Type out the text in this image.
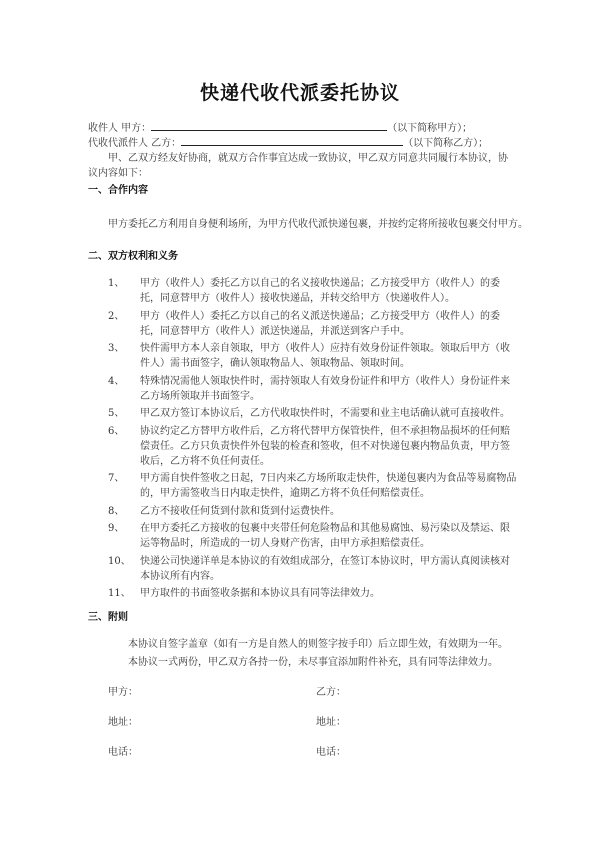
快递代收代派委托协议
收件人 甲方：	（以下简称甲方）；
代收代派件人 乙方：	（以下简称乙方）；
甲、乙双方经友好协商，就双方合作事宜达成一致协议，甲乙双方同意共同履行本协议，协议内容如下：
一、合作内容
甲方委托乙方利用自身便利场所，为甲方代收代派快递包裹，并按约定将所接收包裹交付甲方。
二、双方权利和义务
1、	甲方（收件人）委托乙方以自己的名义接收快递品；乙方接受甲方（收件人）的委托，同意替甲方（收件人）接收快递品，并转交给甲方（快递收件人）。
2、	甲方（收件人）委托乙方以自己的名义派送快递品；乙方接受甲方（收件人）的委托，同意替甲方（收件人）派送快递品，并派送到客户手中。
3、	快件需甲方本人亲自领取，甲方（收件人）应持有效身份证件领取。领取后甲方（收件人）需书面签字，确认领取物品人、领取物品、领取时间。
4、	特殊情况需他人领取快件时，需持领取人有效身份证件和甲方（收件人）身份证件来乙方场所领取并书面签字。
5、	甲乙双方签订本协议后，乙方代收取快件时，不需要和业主电话确认就可直接收件。
6、	协议约定乙方替甲方收件后，乙方将代替甲方保管快件，但不承担物品损坏的任何赔偿责任。乙方只负责快件外包装的检查和签收，但不对快递包裹内物品负责，甲方签收后，乙方将不负任何责任。
7、	甲方需自快件签收之日起，7日内来乙方场所取走快件，快递包裹内为食品等易腐物品的，甲方需签收当日内取走快件，逾期乙方将不负任何赔偿责任。
8、	乙方不接收任何货到付款和货到付运费快件。
9、	在甲方委托乙方接收的包裹中夹带任何危险物品和其他易腐蚀、易污染以及禁运、限运等物品时，所造成的一切人身财产伤害，由甲方承担赔偿责任。
10、 快递公司快递详单是本协议的有效组成部分，在签订本协议时，甲方需认真阅读核对本协议所有内容。
11、 甲方取件的书面签收条据和本协议具有同等法律效力。
三、附则
本协议自签字盖章（如有一方是自然人的则签字按手印）后立即生效，有效期为一年。
本协议一式两份，甲乙双方各持一份，未尽事宜添加附件补充，具有同等法律效力。
甲方：	乙方：
地址：	地址：
电话：	电话：
